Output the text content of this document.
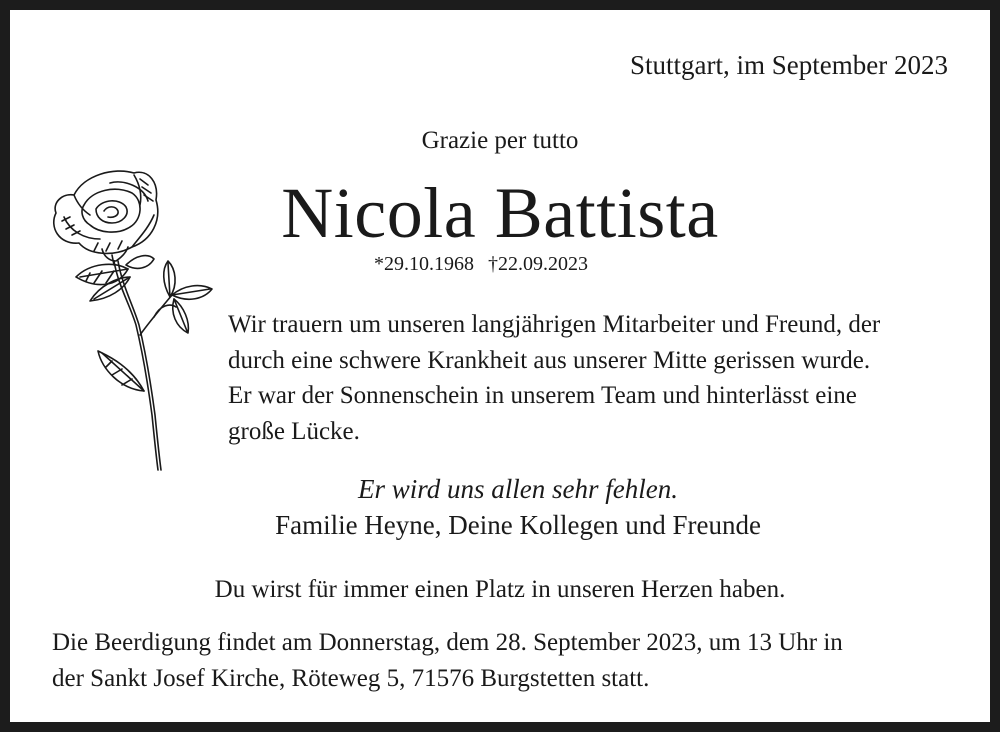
Stuttgart, im September 2023
Grazie per tutto
Nicola Battista
*29.10.1968 †22.09.2023
Wir trauern um unseren langjährigen Mitarbeiter und Freund, der
durch eine schwere Krankheit aus unserer Mitte gerissen wurde.
Er war der Sonnenschein in unserem Team und hinterlässt eine
große Lücke.
Er wird uns allen sehr fehlen.
Familie Heyne, Deine Kollegen und Freunde
Du wirst für immer einen Platz in unseren Herzen haben.
Die Beerdigung findet am Donnerstag, dem 28. September 2023, um 13 Uhr in
der Sankt Josef Kirche, Röteweg 5, 71576 Burgstetten statt.
